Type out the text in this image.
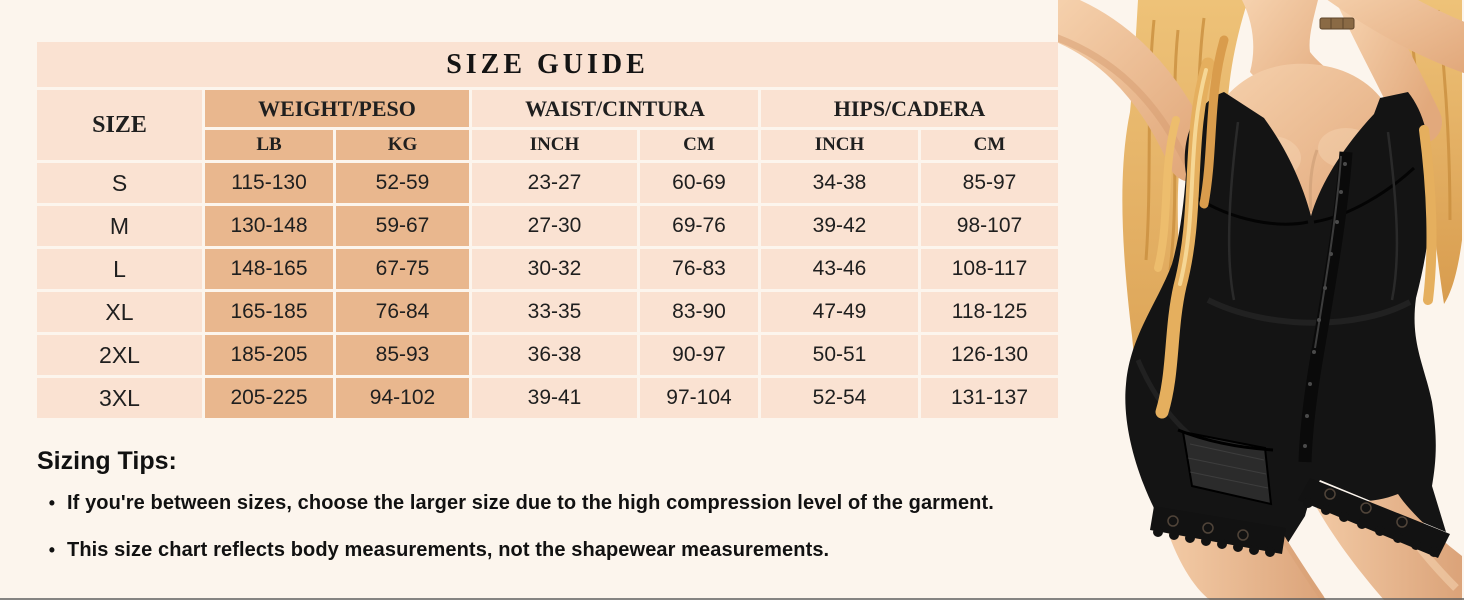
SIZE GUIDE
SIZE
WEIGHT/PESO	WAIST/CINTURA	HIPS/CADERA
LB	KG	INCH	CM	INCH	CM
S	115-130	52-59	23-27	60-69	34-38	85-97
M	130-148	59-67	27-30	69-76	39-42	98-107
L	148-165	67-75	30-32	76-83	43-46	108-117
XL	165-185	76-84	33-35	83-90	47-49	118-125
2XL	185-205	85-93	36-38	90-97	50-51	126-130
3XL	205-225	94-102	39-41	97-104	52-54	131-137

Sizing Tips:

• If you're between sizes, choose the larger size due to the high compression level of the garment.
• This size chart reflects body measurements, not the shapewear measurements.
